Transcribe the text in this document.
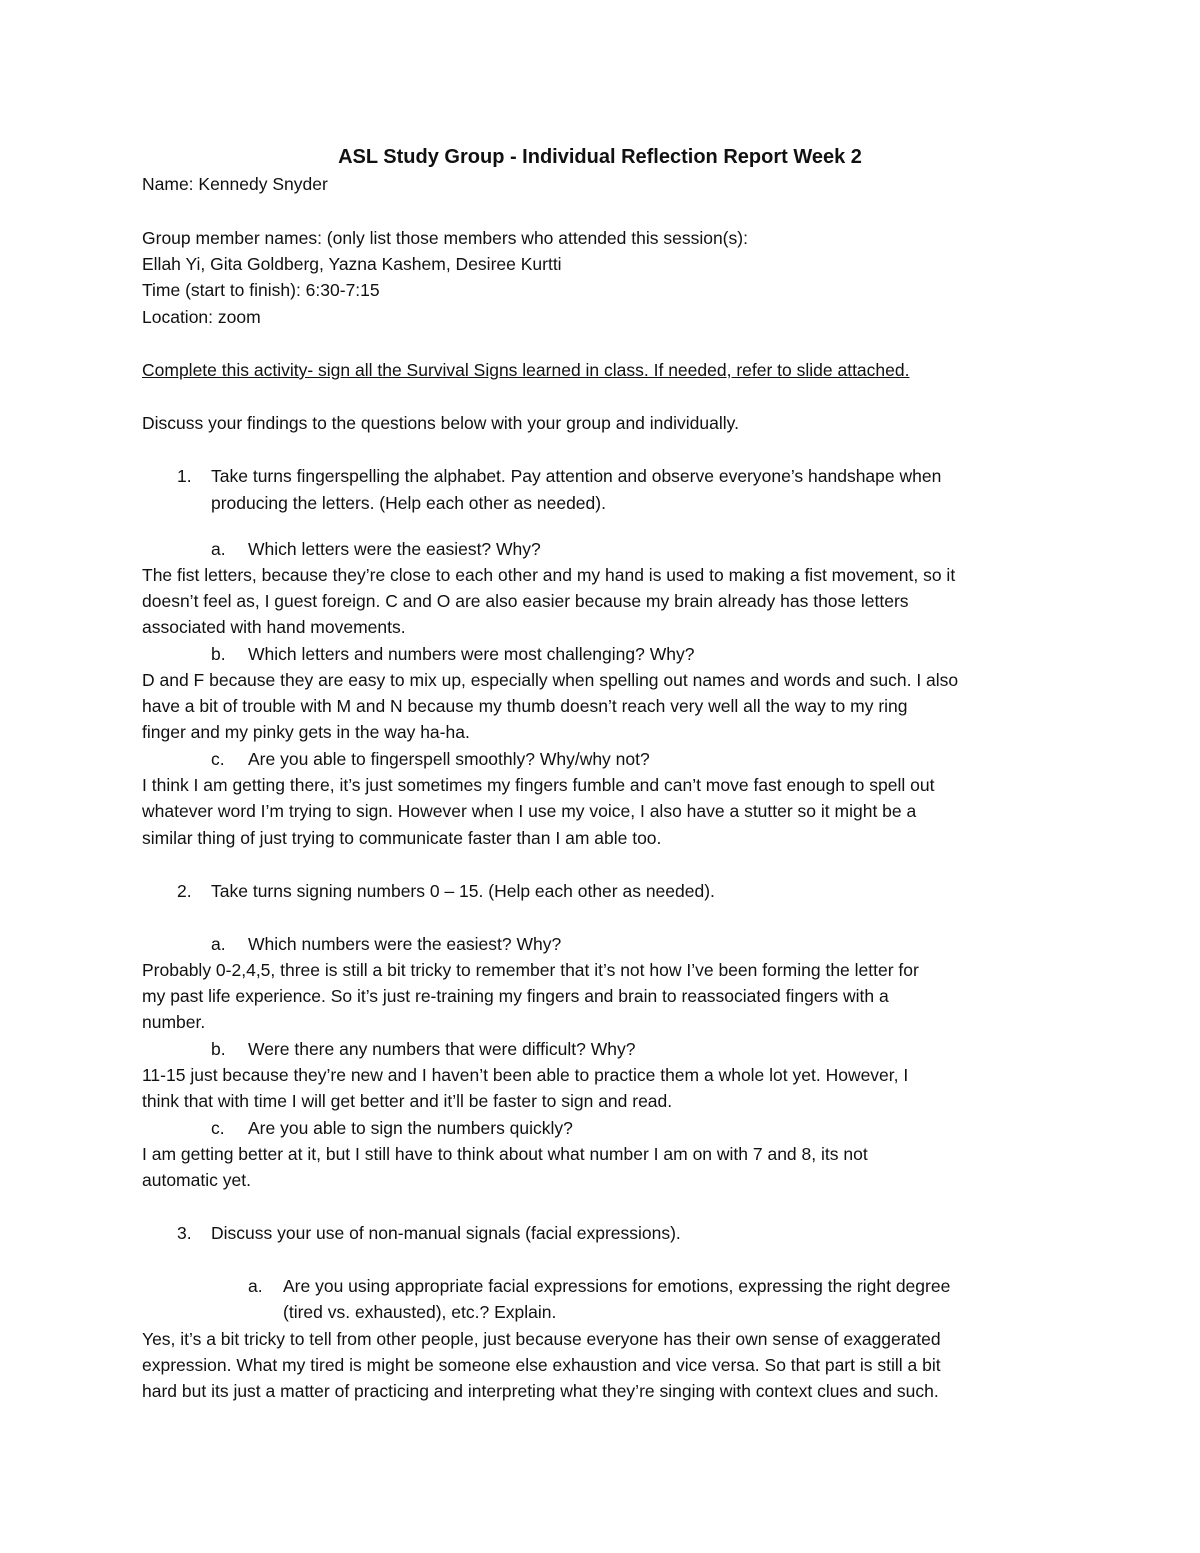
ASL Study Group - Individual Reflection Report Week 2
Name: Kennedy Snyder
Group member names: (only list those members who attended this session(s):
Ellah Yi, Gita Goldberg, Yazna Kashem, Desiree Kurtti
Time (start to finish): 6:30-7:15
Location: zoom
Complete this activity- sign all the Survival Signs learned in class. If needed, refer to slide attached.
Discuss your findings to the questions below with your group and individually.
1. Take turns fingerspelling the alphabet. Pay attention and observe everyone’s handshape when
producing the letters. (Help each other as needed).
a. Which letters were the easiest? Why?
The fist letters, because they’re close to each other and my hand is used to making a fist movement, so it
doesn’t feel as, I guest foreign. C and O are also easier because my brain already has those letters
associated with hand movements.
b. Which letters and numbers were most challenging? Why?
D and F because they are easy to mix up, especially when spelling out names and words and such. I also
have a bit of trouble with M and N because my thumb doesn’t reach very well all the way to my ring
finger and my pinky gets in the way ha-ha.
c. Are you able to fingerspell smoothly? Why/why not?
I think I am getting there, it’s just sometimes my fingers fumble and can’t move fast enough to spell out
whatever word I’m trying to sign. However when I use my voice, I also have a stutter so it might be a
similar thing of just trying to communicate faster than I am able too.
2. Take turns signing numbers 0 – 15. (Help each other as needed).
a. Which numbers were the easiest? Why?
Probably 0-2,4,5, three is still a bit tricky to remember that it’s not how I’ve been forming the letter for
my past life experience. So it’s just re-training my fingers and brain to reassociated fingers with a
number.
b. Were there any numbers that were difficult? Why?
11-15 just because they’re new and I haven’t been able to practice them a whole lot yet. However, I
think that with time I will get better and it’ll be faster to sign and read.
c. Are you able to sign the numbers quickly?
I am getting better at it, but I still have to think about what number I am on with 7 and 8, its not
automatic yet.
3. Discuss your use of non-manual signals (facial expressions).
a. Are you using appropriate facial expressions for emotions, expressing the right degree
(tired vs. exhausted), etc.? Explain.
Yes, it’s a bit tricky to tell from other people, just because everyone has their own sense of exaggerated
expression. What my tired is might be someone else exhaustion and vice versa. So that part is still a bit
hard but its just a matter of practicing and interpreting what they’re singing with context clues and such.
